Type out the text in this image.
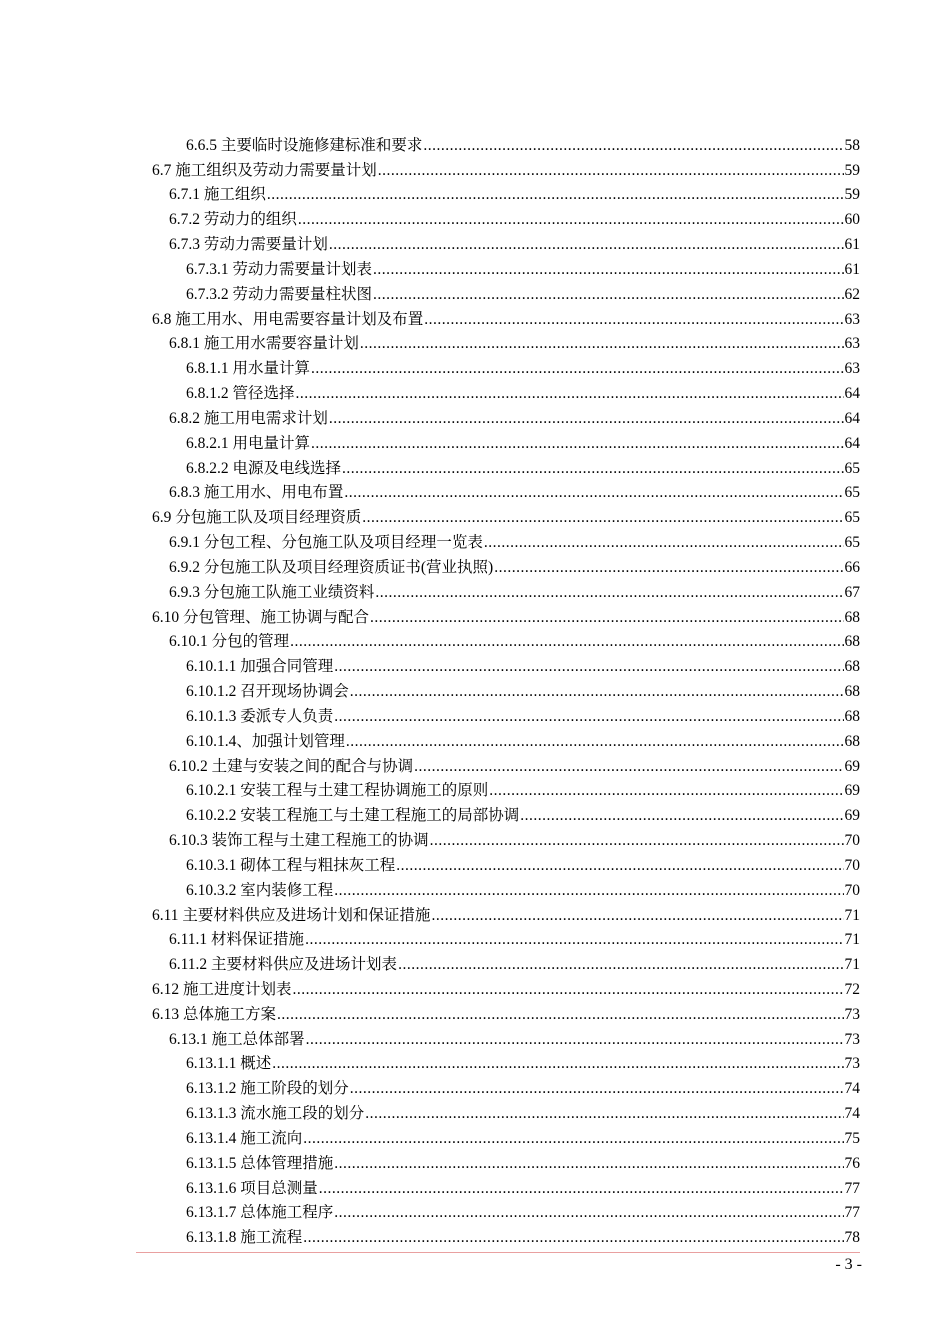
6.6.5 主要临时设施修建标准和要求 .....	58
6.7 施工组织及劳动力需要量计划 .....	59
6.7.1 施工组织 .....	59
6.7.2 劳动力的组织 .....	60
6.7.3 劳动力需要量计划 .....	61
6.7.3.1 劳动力需要量计划表 .....	61
6.7.3.2 劳动力需要量柱状图 .....	62
6.8 施工用水、用电需要容量计划及布置 .....	63
6.8.1 施工用水需要容量计划 .....	63
6.8.1.1 用水量计算 .....	63
6.8.1.2 管径选择 .....	64
6.8.2 施工用电需求计划 .....	64
6.8.2.1 用电量计算 .....	64
6.8.2.2 电源及电线选择 .....	65
6.8.3 施工用水、用电布置 .....	65
6.9 分包施工队及项目经理资质 .....	65
6.9.1 分包工程、分包施工队及项目经理一览表 .....	65
6.9.2 分包施工队及项目经理资质证书(营业执照) .....	66
6.9.3 分包施工队施工业绩资料 .....	67
6.10 分包管理、施工协调与配合 .....	68
6.10.1 分包的管理 .....	68
6.10.1.1 加强合同管理 .....	68
6.10.1.2 召开现场协调会 .....	68
6.10.1.3 委派专人负责 .....	68
6.10.1.4、加强计划管理 .....	68
6.10.2 土建与安装之间的配合与协调 .....	69
6.10.2.1 安装工程与土建工程协调施工的原则 .....	69
6.10.2.2 安装工程施工与土建工程施工的局部协调 .....	69
6.10.3 装饰工程与土建工程施工的协调 .....	70
6.10.3.1 砌体工程与粗抹灰工程 .....	70
6.10.3.2 室内装修工程 .....	70
6.11 主要材料供应及进场计划和保证措施 .....	71
6.11.1 材料保证措施 .....	71
6.11.2 主要材料供应及进场计划表 .....	71
6.12 施工进度计划表 .....	72
6.13 总体施工方案 .....	73
6.13.1 施工总体部署 .....	73
6.13.1.1 概述 .....	73
6.13.1.2 施工阶段的划分 .....	74
6.13.1.3 流水施工段的划分 .....	74
6.13.1.4 施工流向 .....	75
6.13.1.5 总体管理措施 .....	76
6.13.1.6 项目总测量 .....	77
6.13.1.7 总体施工程序 .....	77
6.13.1.8 施工流程 .....	78
- 3 -
